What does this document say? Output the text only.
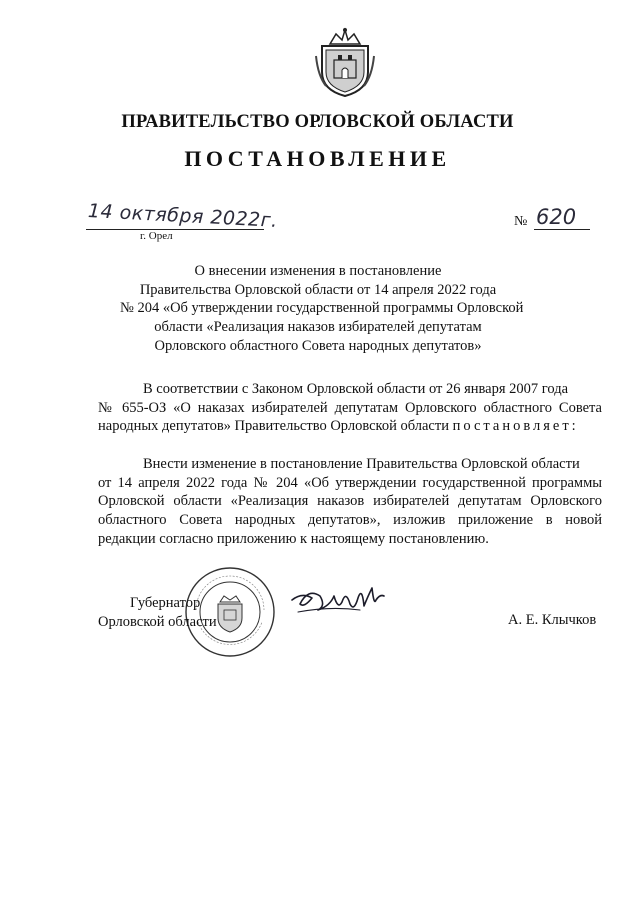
ПРАВИТЕЛЬСТВО ОРЛОВСКОЙ ОБЛАСТИ
ПОСТАНОВЛЕНИЕ
14 октября 2022г.
г. Орел
№ 620
О внесении изменения в постановление
Правительства Орловской области от 14 апреля 2022 года
№ 204 «Об утверждении государственной программы Орловской
области «Реализация наказов избирателей депутатам
Орловского областного Совета народных депутатов»
В соответствии с Законом Орловской области от 26 января 2007 года
№ 655-ОЗ «О наказах избирателей депутатам Орловского областного Совета
народных депутатов» Правительство Орловской области постановляет:
Внести изменение в постановление Правительства Орловской области
от 14 апреля 2022 года № 204 «Об утверждении государственной программы
Орловской области «Реализация наказов избирателей депутатам Орловского
областного Совета народных депутатов», изложив приложение в новой
редакции согласно приложению к настоящему постановлению.
Губернатор
Орловской области	А. Е. Клычков
